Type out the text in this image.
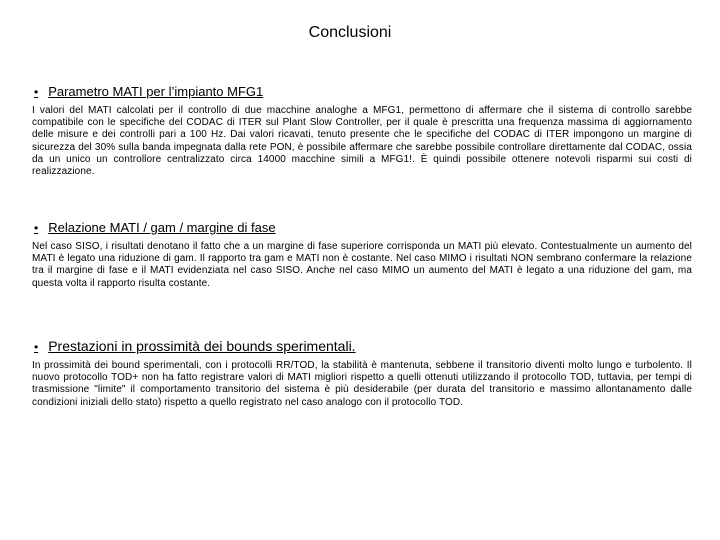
Conclusioni
• Parametro MATI per l’impianto MFG1

I valori del MATI calcolati per il controllo di due macchine analoghe a MFG1, permettono di affermare che il sistema di controllo sarebbe compatibile con le specifiche del CODAC di ITER sul Plant Slow Controller, per il quale è prescritta una frequenza massima di aggiornamento delle misure e dei controlli pari a 100 Hz. Dai valori ricavati, tenuto presente che le specifiche del CODAC di ITER impongono un margine di sicurezza del 30% sulla banda impegnata dalla rete PON, è possibile affermare che sarebbe possibile controllare direttamente dal CODAC, ossia da un unico un controllore centralizzato circa 14000 macchine simili a MFG1!. È quindi possibile ottenere notevoli risparmi sui costi di realizzazione.

• Relazione MATI / gam / margine di fase

Nel caso SISO, i risultati denotano il fatto che a un margine di fase superiore corrisponda un MATI più elevato. Contestualmente un aumento del MATI è legato una riduzione di gam. Il rapporto tra gam e MATI non è costante. Nel caso MIMO i risultati NON sembrano confermare la relazione tra il margine di fase e il MATI evidenziata nel caso SISO. Anche nel caso MIMO un aumento del MATI è legato a una riduzione del gam, ma questa volta il rapporto risulta costante.

• Prestazioni in prossimità dei bounds sperimentali.

In prossimità dei bound sperimentali, con i protocolli RR/TOD, la stabilità è mantenuta, sebbene il transitorio diventi molto lungo e turbolento. Il nuovo protocollo TOD+ non ha fatto registrare valori di MATI migliori rispetto a quelli ottenuti utilizzando il protocollo TOD, tuttavia, per tempi di trasmissione "limite" il comportamento transitorio del sistema è più desiderabile (per durata del transitorio e massimo allontanamento dalle condizioni iniziali dello stato) rispetto a quello registrato nel caso analogo con il protocollo TOD.
